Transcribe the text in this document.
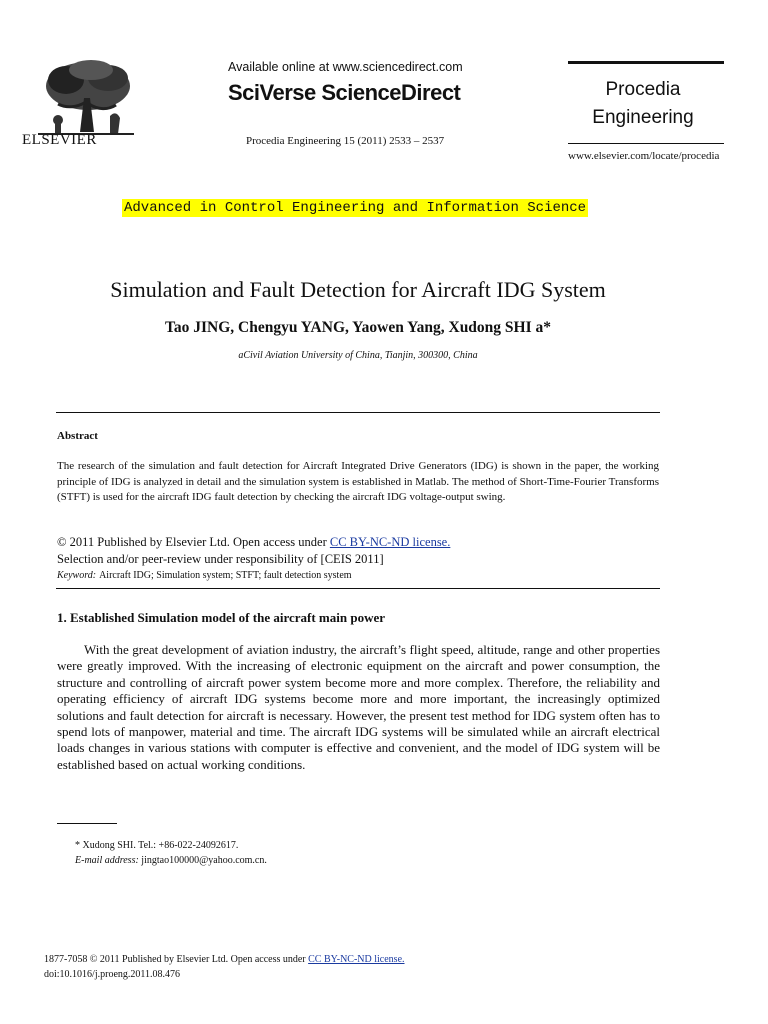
ELSEVIER
Available online at www.sciencedirect.com
SciVerse ScienceDirect
Procedia Engineering 15 (2011) 2533 – 2537
Procedia
Engineering
www.elsevier.com/locate/procedia
Advanced in Control Engineering and Information Science
Simulation and Fault Detection for Aircraft IDG System
Tao JING, Chengyu YANG, Yaowen Yang, Xudong SHI a*
aCivil Aviation University of China, Tianjin, 300300, China
Abstract
The research of the simulation and fault detection for Aircraft Integrated Drive Generators (IDG) is shown in the paper, the working principle of IDG is analyzed in detail and the simulation system is established in Matlab. The method of Short-Time-Fourier Transforms (STFT) is used for the aircraft IDG fault detection by checking the aircraft IDG voltage-output swing.
© 2011 Published by Elsevier Ltd. Open access under CC BY-NC-ND license.
Selection and/or peer-review under responsibility of [CEIS 2011]
Keyword: Aircraft IDG; Simulation system; STFT; fault detection system
1. Established Simulation model of the aircraft main power
With the great development of aviation industry, the aircraft’s flight speed, altitude, range and other properties were greatly improved. With the increasing of electronic equipment on the aircraft and power consumption, the structure and controlling of aircraft power system become more and more complex. Therefore, the reliability and operating efficiency of aircraft IDG systems become more and more important, the increasingly optimized solutions and fault detection for aircraft is necessary. However, the present test method for IDG system often has to spend lots of manpower, material and time. The aircraft IDG systems will be simulated while an aircraft electrical loads changes in various stations with computer is effective and convenient, and the model of IDG system will be established based on actual working conditions.
* Xudong SHI. Tel.: +86-022-24092617.
E-mail address: jingtao100000@yahoo.com.cn.
1877-7058 © 2011 Published by Elsevier Ltd. Open access under CC BY-NC-ND license.
doi:10.1016/j.proeng.2011.08.476
